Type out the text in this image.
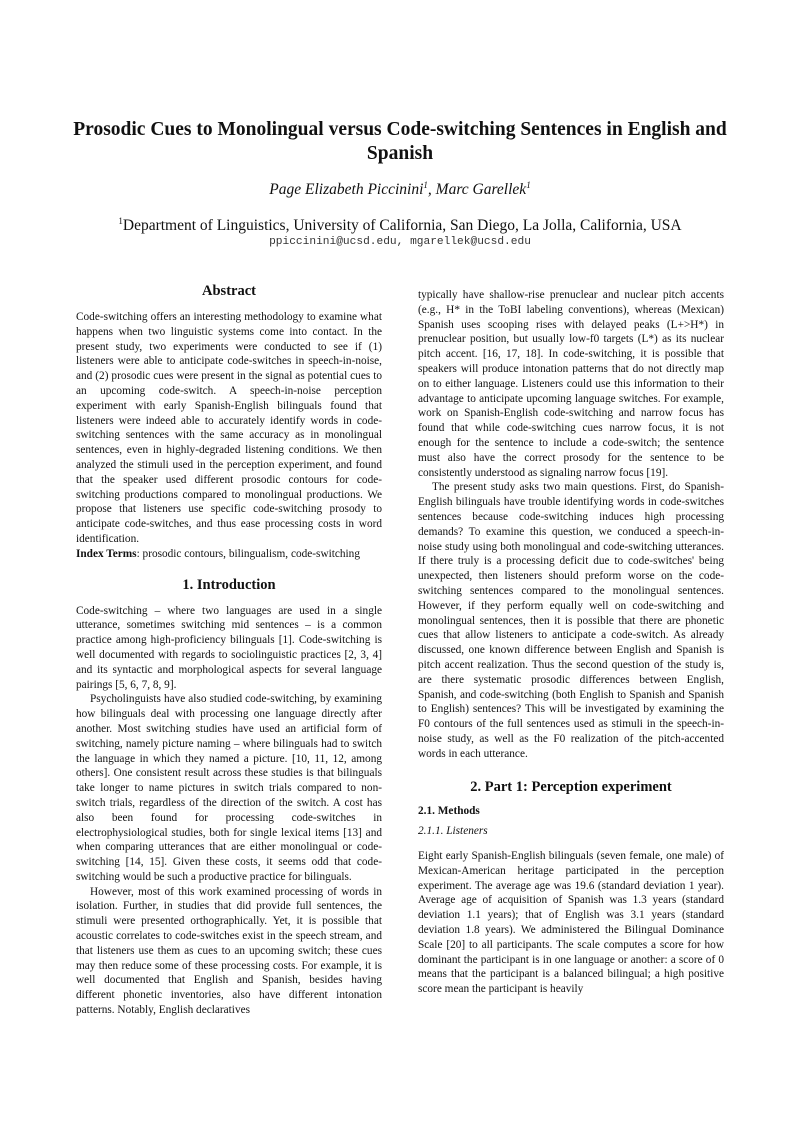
Prosodic Cues to Monolingual versus Code-switching Sentences in English and Spanish

Page Elizabeth Piccinini$^1$, Marc Garellek$^1$

$^1$Department of Linguistics, University of California, San Diego, La Jolla, California, USA

ppiccinini@ucsd.edu, mgarellek@ucsd.edu

Abstract

Code-switching offers an interesting methodology to examine what happens when two linguistic systems come into contact. In the present study, two experiments were conducted to see if (1) listeners were able to anticipate code-switches in speech-in-noise, and (2) prosodic cues were present in the signal as potential cues to an upcoming code-switch. A speech-in-noise perception experiment with early Spanish-English bilinguals found that listeners were indeed able to accurately identify words in code-switching sentences with the same accuracy as in monolingual sentences, even in highly-degraded listening conditions. We then analyzed the stimuli used in the perception experiment, and found that the speaker used different prosodic contours for code-switching productions compared to monolingual productions. We propose that listeners use specific code-switching prosody to anticipate code-switches, and thus ease processing costs in word identification.

Index Terms: prosodic contours, bilingualism, code-switching

1. Introduction

Code-switching – where two languages are used in a single utterance, sometimes switching mid sentences – is a common practice among high-proficiency bilinguals [1]. Code-switching is well documented with regards to sociolinguistic practices [2, 3, 4] and its syntactic and morphological aspects for several language pairings [5, 6, 7, 8, 9].

Psycholinguists have also studied code-switching, by examining how bilinguals deal with processing one language directly after another. Most switching studies have used an artificial form of switching, namely picture naming – where bilinguals had to switch the language in which they named a picture. [10, 11, 12, among others]. One consistent result across these studies is that bilinguals take longer to name pictures in switch trials compared to non-switch trials, regardless of the direction of the switch. A cost has also been found for processing code-switches in electrophysiological studies, both for single lexical items [13] and when comparing utterances that are either monolingual or code-switching [14, 15]. Given these costs, it seems odd that code-switching would be such a productive practice for bilinguals.

However, most of this work examined processing of words in isolation. Further, in studies that did provide full sentences, the stimuli were presented orthographically. Yet, it is possible that acoustic correlates to code-switches exist in the speech stream, and that listeners use them as cues to an upcoming switch; these cues may then reduce some of these processing costs. For example, it is well documented that English and Spanish, besides having different phonetic inventories, also have different intonation patterns. Notably, English declaratives

typically have shallow-rise prenuclear and nuclear pitch accents (e.g., H* in the ToBI labeling conventions), whereas (Mexican) Spanish uses scooping rises with delayed peaks (L+>H*) in prenuclear position, but usually low-f0 targets (L*) as its nuclear pitch accent. [16, 17, 18]. In code-switching, it is possible that speakers will produce intonation patterns that do not directly map on to either language. Listeners could use this information to their advantage to anticipate upcoming language switches. For example, work on Spanish-English code-switching and narrow focus has found that while code-switching cues narrow focus, it is not enough for the sentence to include a code-switch; the sentence must also have the correct prosody for the sentence to be consistently understood as signaling narrow focus [19].

The present study asks two main questions. First, do Spanish-English bilinguals have trouble identifying words in code-switches sentences because code-switching induces high processing demands? To examine this question, we conduced a speech-in-noise study using both monolingual and code-switching utterances. If there truly is a processing deficit due to code-switches' being unexpected, then listeners should preform worse on the code-switching sentences compared to the monolingual sentences. However, if they perform equally well on code-switching and monolingual sentences, then it is possible that there are phonetic cues that allow listeners to anticipate a code-switch. As already discussed, one known difference between English and Spanish is pitch accent realization. Thus the second question of the study is, are there systematic prosodic differences between English, Spanish, and code-switching (both English to Spanish and Spanish to English) sentences? This will be investigated by examining the F0 contours of the full sentences used as stimuli in the speech-in-noise study, as well as the F0 realization of the pitch-accented words in each utterance.

2. Part 1: Perception experiment
2.1. Methods
2.1.1. Listeners

Eight early Spanish-English bilinguals (seven female, one male) of Mexican-American heritage participated in the perception experiment. The average age was 19.6 (standard deviation 1 year). Average age of acquisition of Spanish was 1.3 years (standard deviation 1.1 years); that of English was 3.1 years (standard deviation 1.8 years). We administered the Bilingual Dominance Scale [20] to all participants. The scale computes a score for how dominant the participant is in one language or another: a score of 0 means that the participant is a balanced bilingual; a high positive score mean the participant is heavily
